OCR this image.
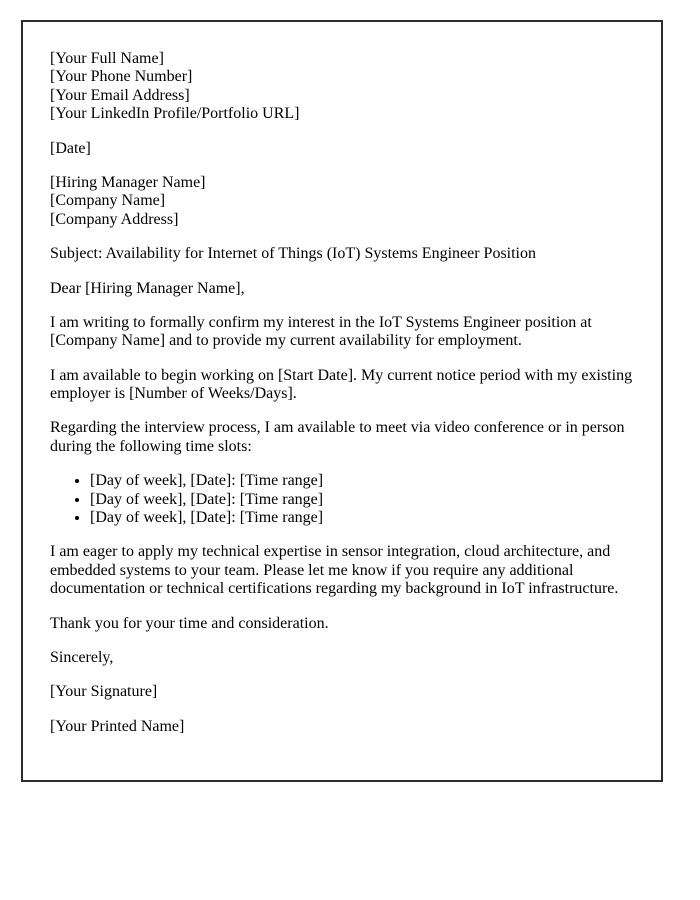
[Your Full Name]
[Your Phone Number]
[Your Email Address]
[Your LinkedIn Profile/Portfolio URL]
[Date]
[Hiring Manager Name]
[Company Name]
[Company Address]
Subject: Availability for Internet of Things (IoT) Systems Engineer Position
Dear [Hiring Manager Name],
I am writing to formally confirm my interest in the IoT Systems Engineer position at [Company Name] and to provide my current availability for employment.
I am available to begin working on [Start Date]. My current notice period with my existing employer is [Number of Weeks/Days].
Regarding the interview process, I am available to meet via video conference or in person during the following time slots:
• [Day of week], [Date]: [Time range]
• [Day of week], [Date]: [Time range]
• [Day of week], [Date]: [Time range]
I am eager to apply my technical expertise in sensor integration, cloud architecture, and embedded systems to your team. Please let me know if you require any additional documentation or technical certifications regarding my background in IoT infrastructure.
Thank you for your time and consideration.
Sincerely,
[Your Signature]
[Your Printed Name]
